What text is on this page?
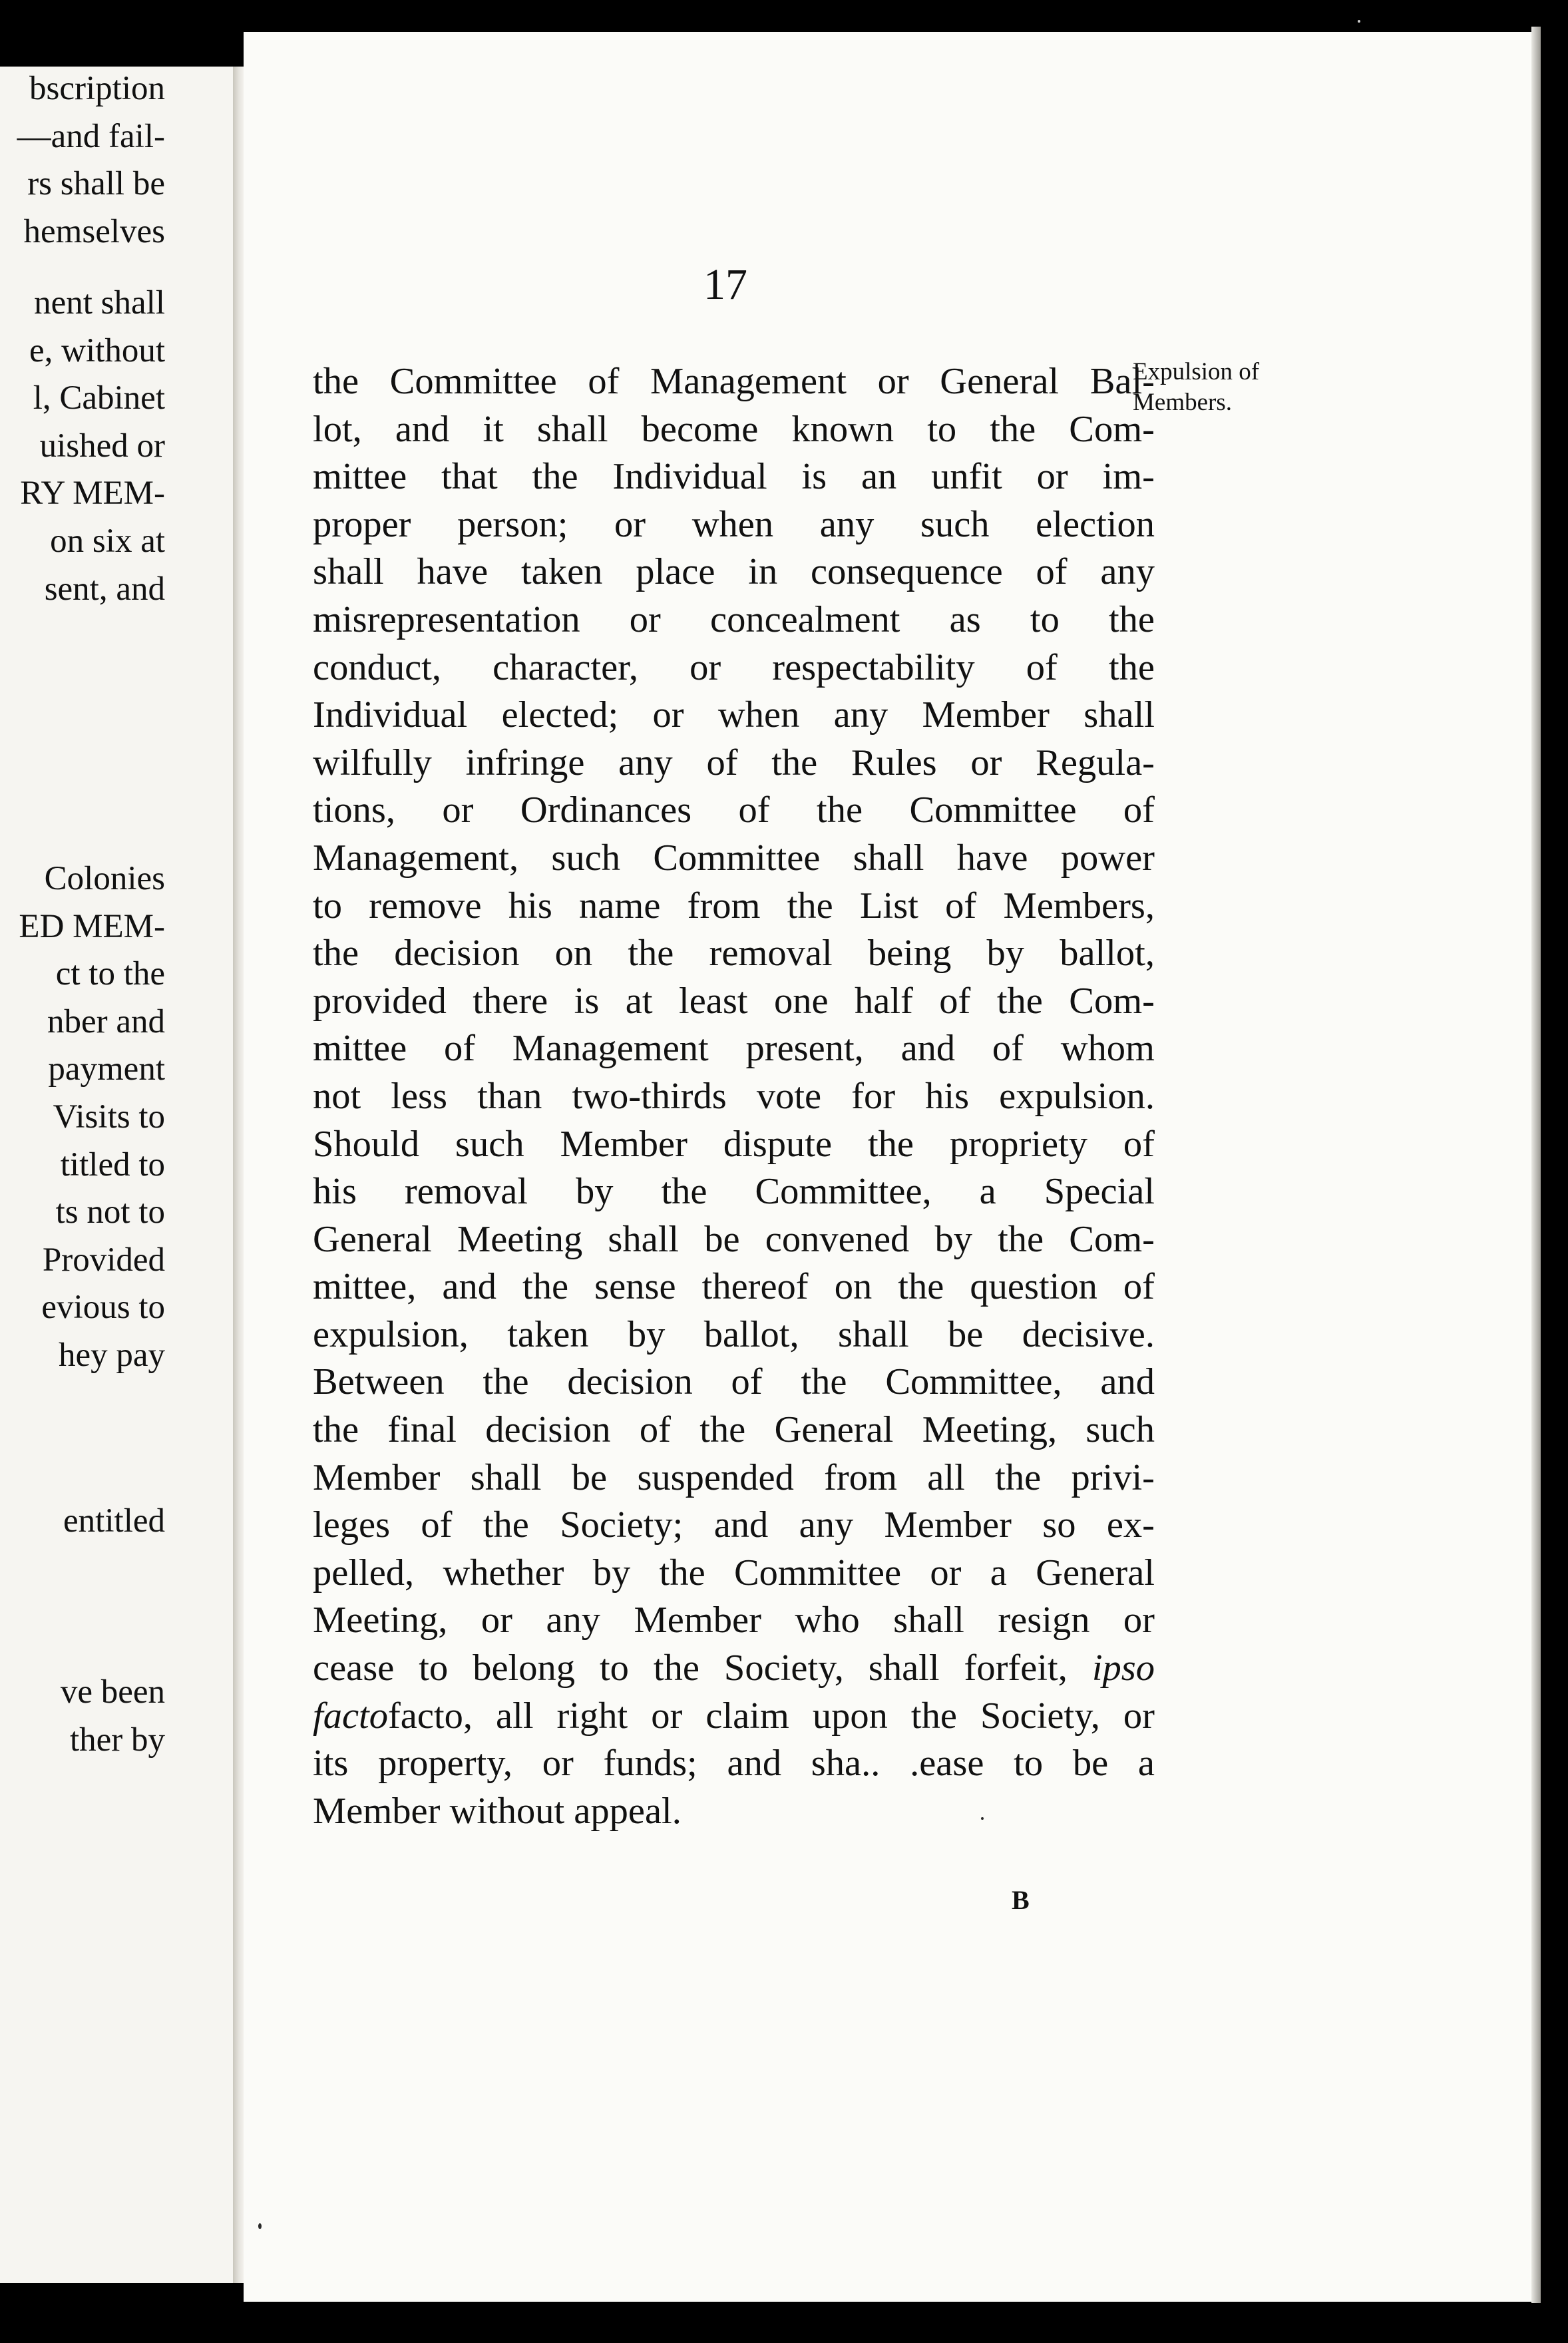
bscription
—and fail-
rs shall be
hemselves
nent shall
e, without
l, Cabinet
uished or
RY MEM-
on six at
sent, and
Colonies
ED MEM-
ct to the
nber and
payment
Visits to
titled to
ts not to
Provided
evious to
hey pay
entitled
ve been
ther by
17
Expulsion of
Members.
the Committee of Management or General Bal-
lot, and it shall become known to the Com-
mittee that the Individual is an unfit or im-
proper person; or when any such election
shall have taken place in consequence of any
misrepresentation or concealment as to the
conduct, character, or respectability of the
Individual elected; or when any Member shall
wilfully infringe any of the Rules or Regula-
tions, or Ordinances of the Committee of
Management, such Committee shall have power
to remove his name from the List of Members,
the decision on the removal being by ballot,
provided there is at least one half of the Com-
mittee of Management present, and of whom
not less than two-thirds vote for his expulsion.
Should such Member dispute the propriety of
his removal by the Committee, a Special
General Meeting shall be convened by the Com-
mittee, and the sense thereof on the question of
expulsion, taken by ballot, shall be decisive.
Between the decision of the Committee, and
the final decision of the General Meeting, such
Member shall be suspended from all the privi-
leges of the Society; and any Member so ex-
pelled, whether by the Committee or a General
Meeting, or any Member who shall resign or
cease to belong to the Society, shall forfeit, ipso
factofacto, all right or claim upon the Society, or
its property, or funds; and sha.. .ease to be a
Member without appeal.
B
